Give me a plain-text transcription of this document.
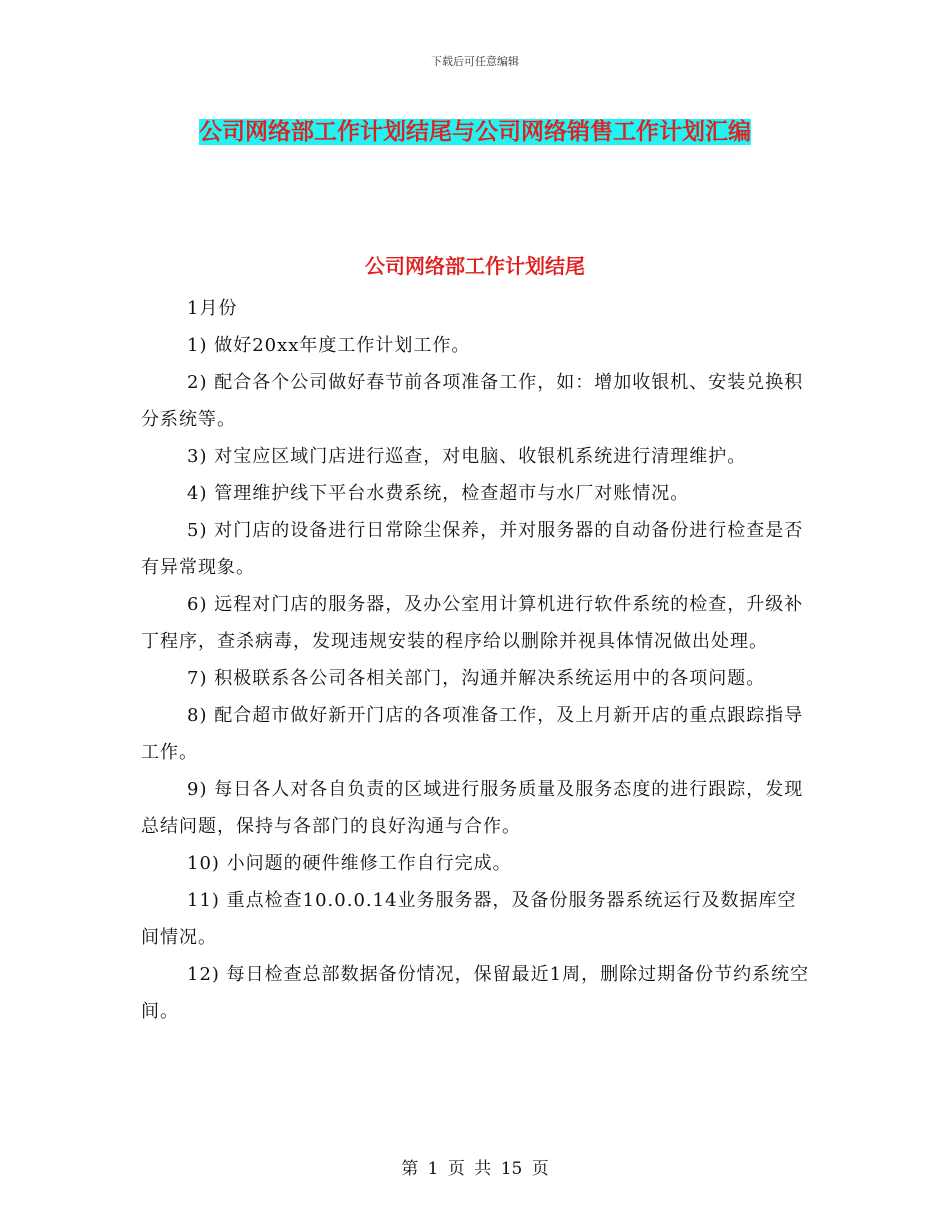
下载后可任意编辑
公司网络部工作计划结尾与公司网络销售工作计划汇编
公司网络部工作计划结尾

1月份

1) 做好20xx年度工作计划工作。

2) 配合各个公司做好春节前各项准备工作，如：增加收银机、安装兑换积分系统等。

3) 对宝应区域门店进行巡查，对电脑、收银机系统进行清理维护。

4) 管理维护线下平台水费系统，检查超市与水厂对账情况。

5) 对门店的设备进行日常除尘保养，并对服务器的自动备份进行检查是否有异常现象。

6) 远程对门店的服务器，及办公室用计算机进行软件系统的检查，升级补丁程序，查杀病毒，发现违规安装的程序给以删除并视具体情况做出处理。

7) 积极联系各公司各相关部门，沟通并解决系统运用中的各项问题。

8) 配合超市做好新开门店的各项准备工作，及上月新开店的重点跟踪指导工作。

9) 每日各人对各自负责的区域进行服务质量及服务态度的进行跟踪，发现总结问题，保持与各部门的良好沟通与合作。

10) 小问题的硬件维修工作自行完成。

11) 重点检查10.0.0.14业务服务器，及备份服务器系统运行及数据库空间情况。

12) 每日检查总部数据备份情况，保留最近1周，删除过期备份节约系统空间。

第 1 页 共 15 页
